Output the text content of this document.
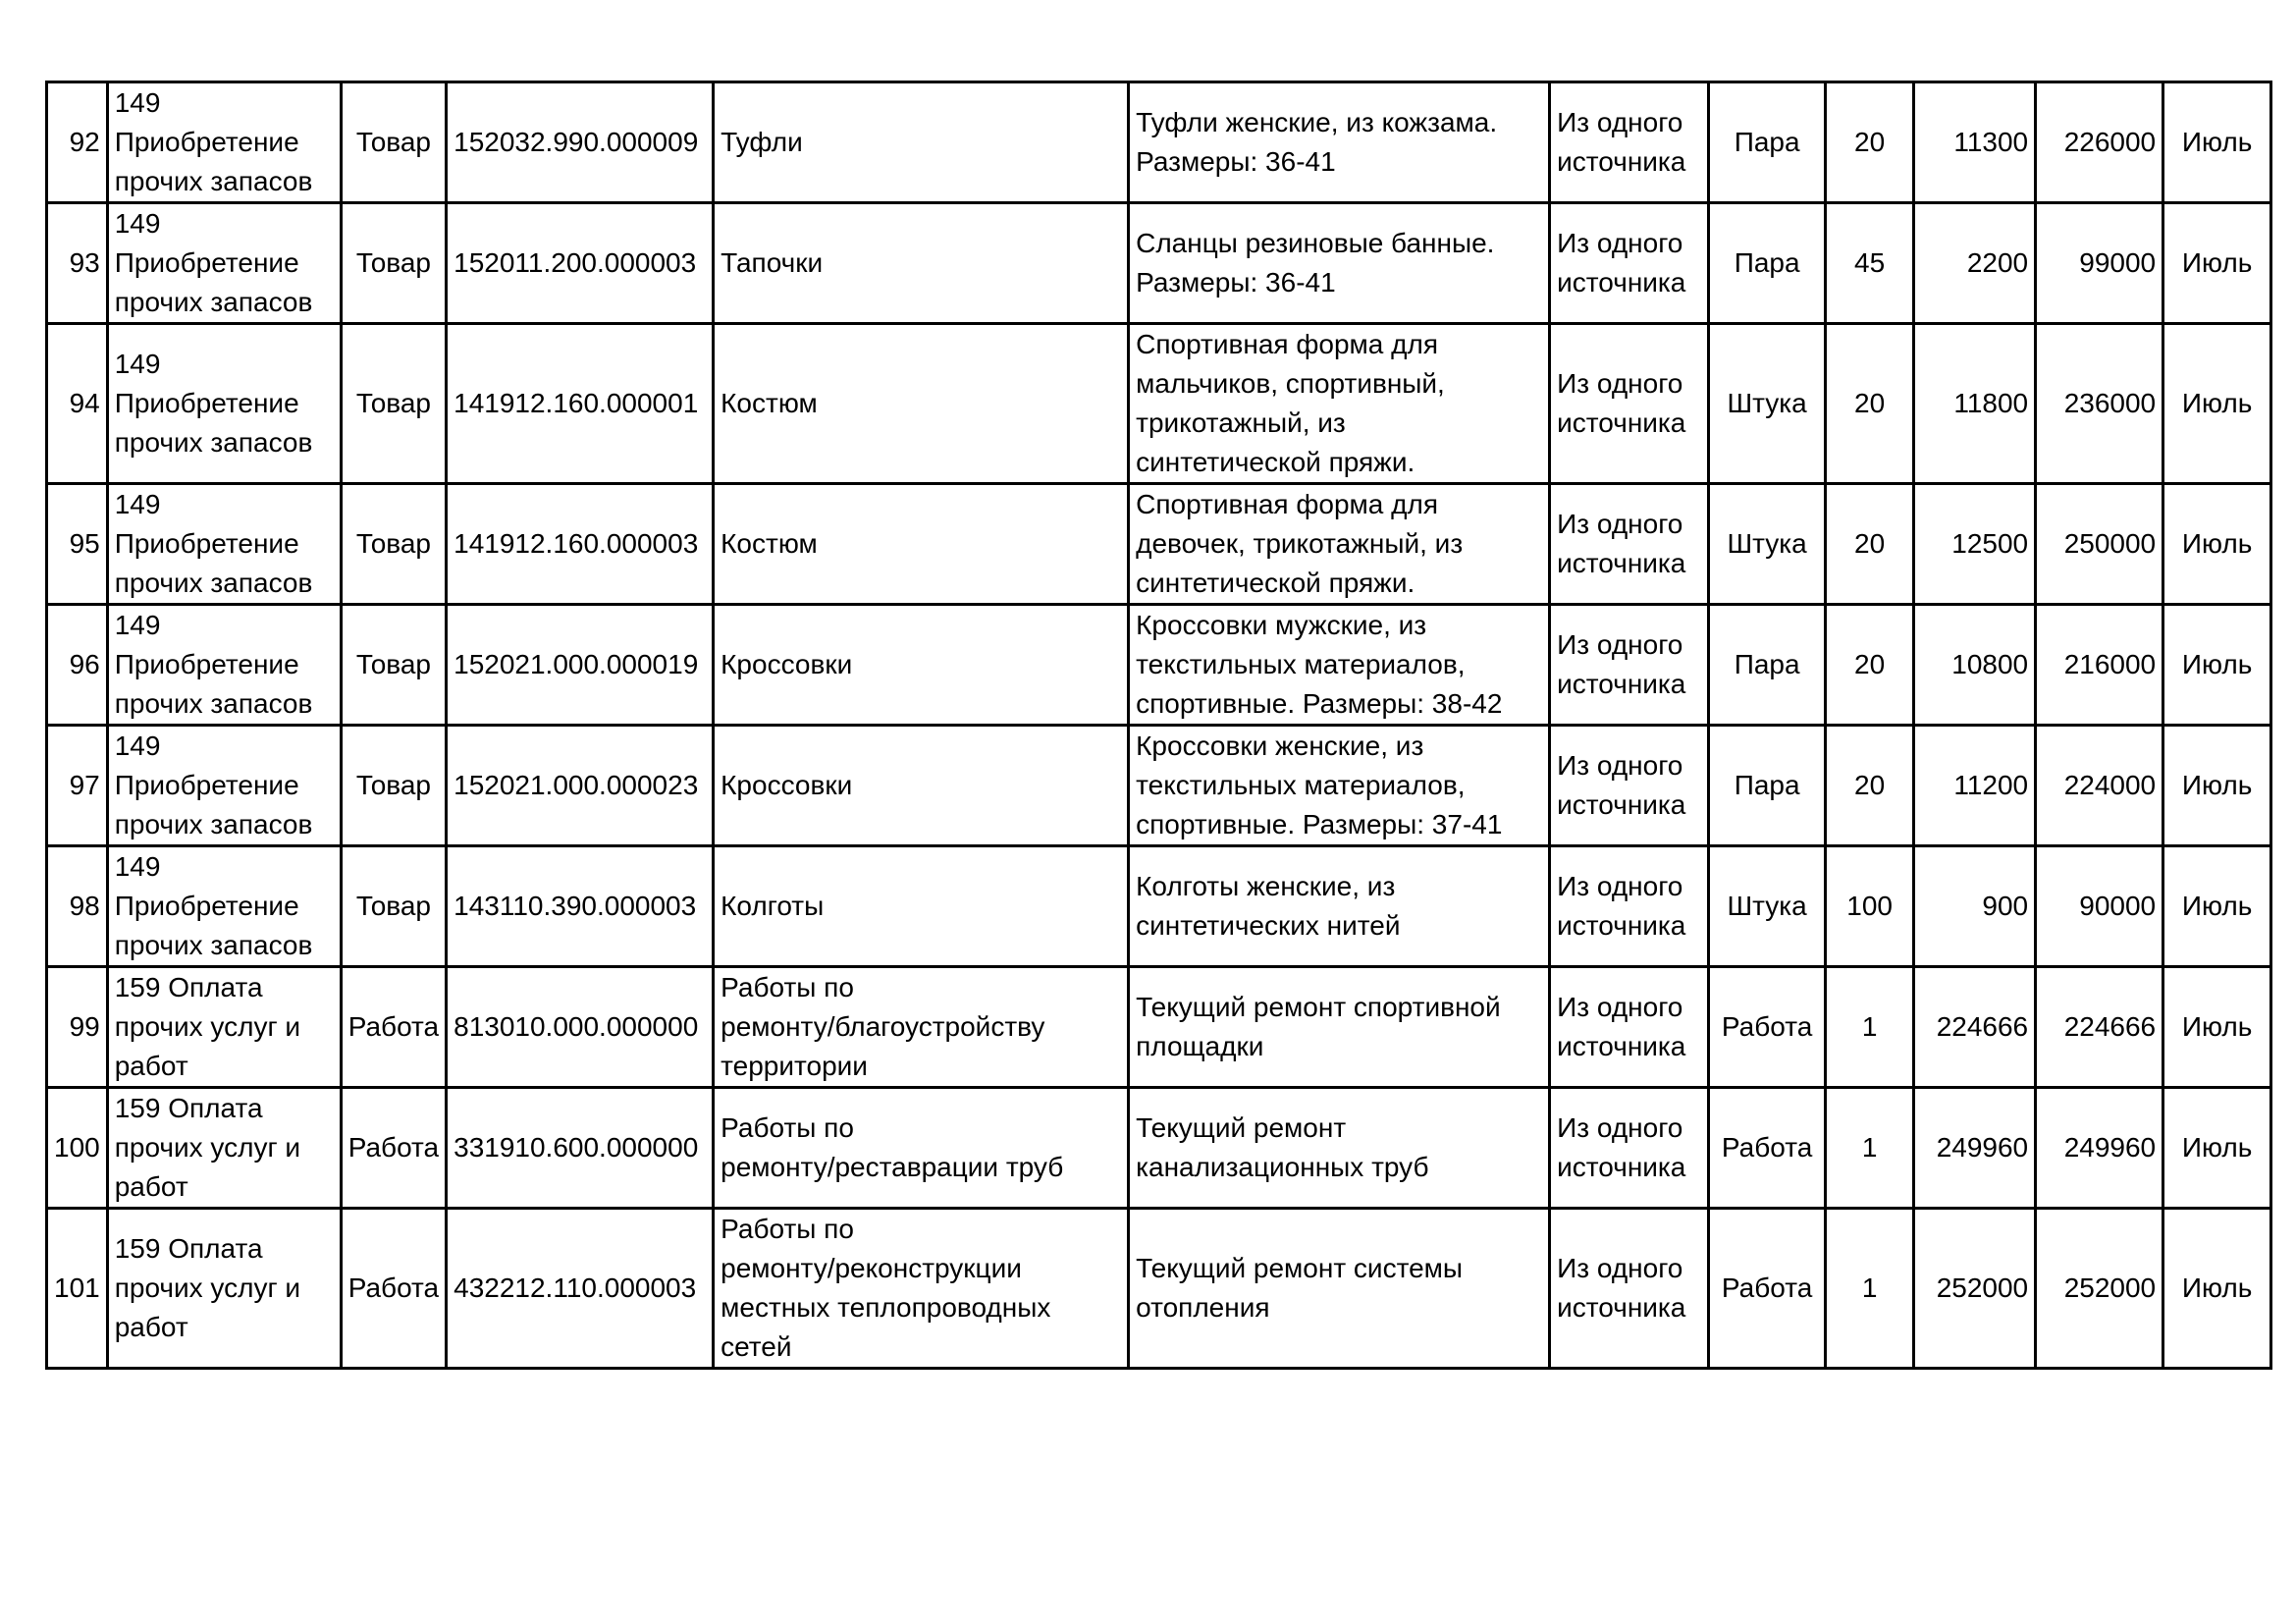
92	149
Приобретение
прочих запасов	Товар	152032.990.000009	Туфли	Туфли женские, из кожзама.
Размеры: 36-41	Из одного
источника	Пара	20	11300	226000	Июль
93	149
Приобретение
прочих запасов	Товар	152011.200.000003	Тапочки	Сланцы резиновые банные.
Размеры: 36-41	Из одного
источника	Пара	45	2200	99000	Июль
94	149
Приобретение
прочих запасов	Товар	141912.160.000001	Костюм	Спортивная форма для
мальчиков, спортивный,
трикотажный, из
синтетической пряжи.	Из одного
источника	Штука	20	11800	236000	Июль
95	149
Приобретение
прочих запасов	Товар	141912.160.000003	Костюм	Спортивная форма для
девочек, трикотажный, из
синтетической пряжи.	Из одного
источника	Штука	20	12500	250000	Июль
96	149
Приобретение
прочих запасов	Товар	152021.000.000019	Кроссовки	Кроссовки мужские, из
текстильных материалов,
спортивные. Размеры: 38-42	Из одного
источника	Пара	20	10800	216000	Июль
97	149
Приобретение
прочих запасов	Товар	152021.000.000023	Кроссовки	Кроссовки женские, из
текстильных материалов,
спортивные. Размеры: 37-41	Из одного
источника	Пара	20	11200	224000	Июль
98	149
Приобретение
прочих запасов	Товар	143110.390.000003	Колготы	Колготы женские, из
синтетических нитей	Из одного
источника	Штука	100	900	90000	Июль
99	159 Оплата
прочих услуг и
работ	Работа	813010.000.000000	Работы по
ремонту/благоустройству
территории	Текущий ремонт спортивной
площадки	Из одного
источника	Работа	1	224666	224666	Июль
100	159 Оплата
прочих услуг и
работ	Работа	331910.600.000000	Работы по
ремонту/реставрации труб	Текущий ремонт
канализационных труб	Из одного
источника	Работа	1	249960	249960	Июль
101	159 Оплата
прочих услуг и
работ	Работа	432212.110.000003	Работы по
ремонту/реконструкции
местных теплопроводных
сетей	Текущий ремонт системы
отопления	Из одного
источника	Работа	1	252000	252000	Июль
